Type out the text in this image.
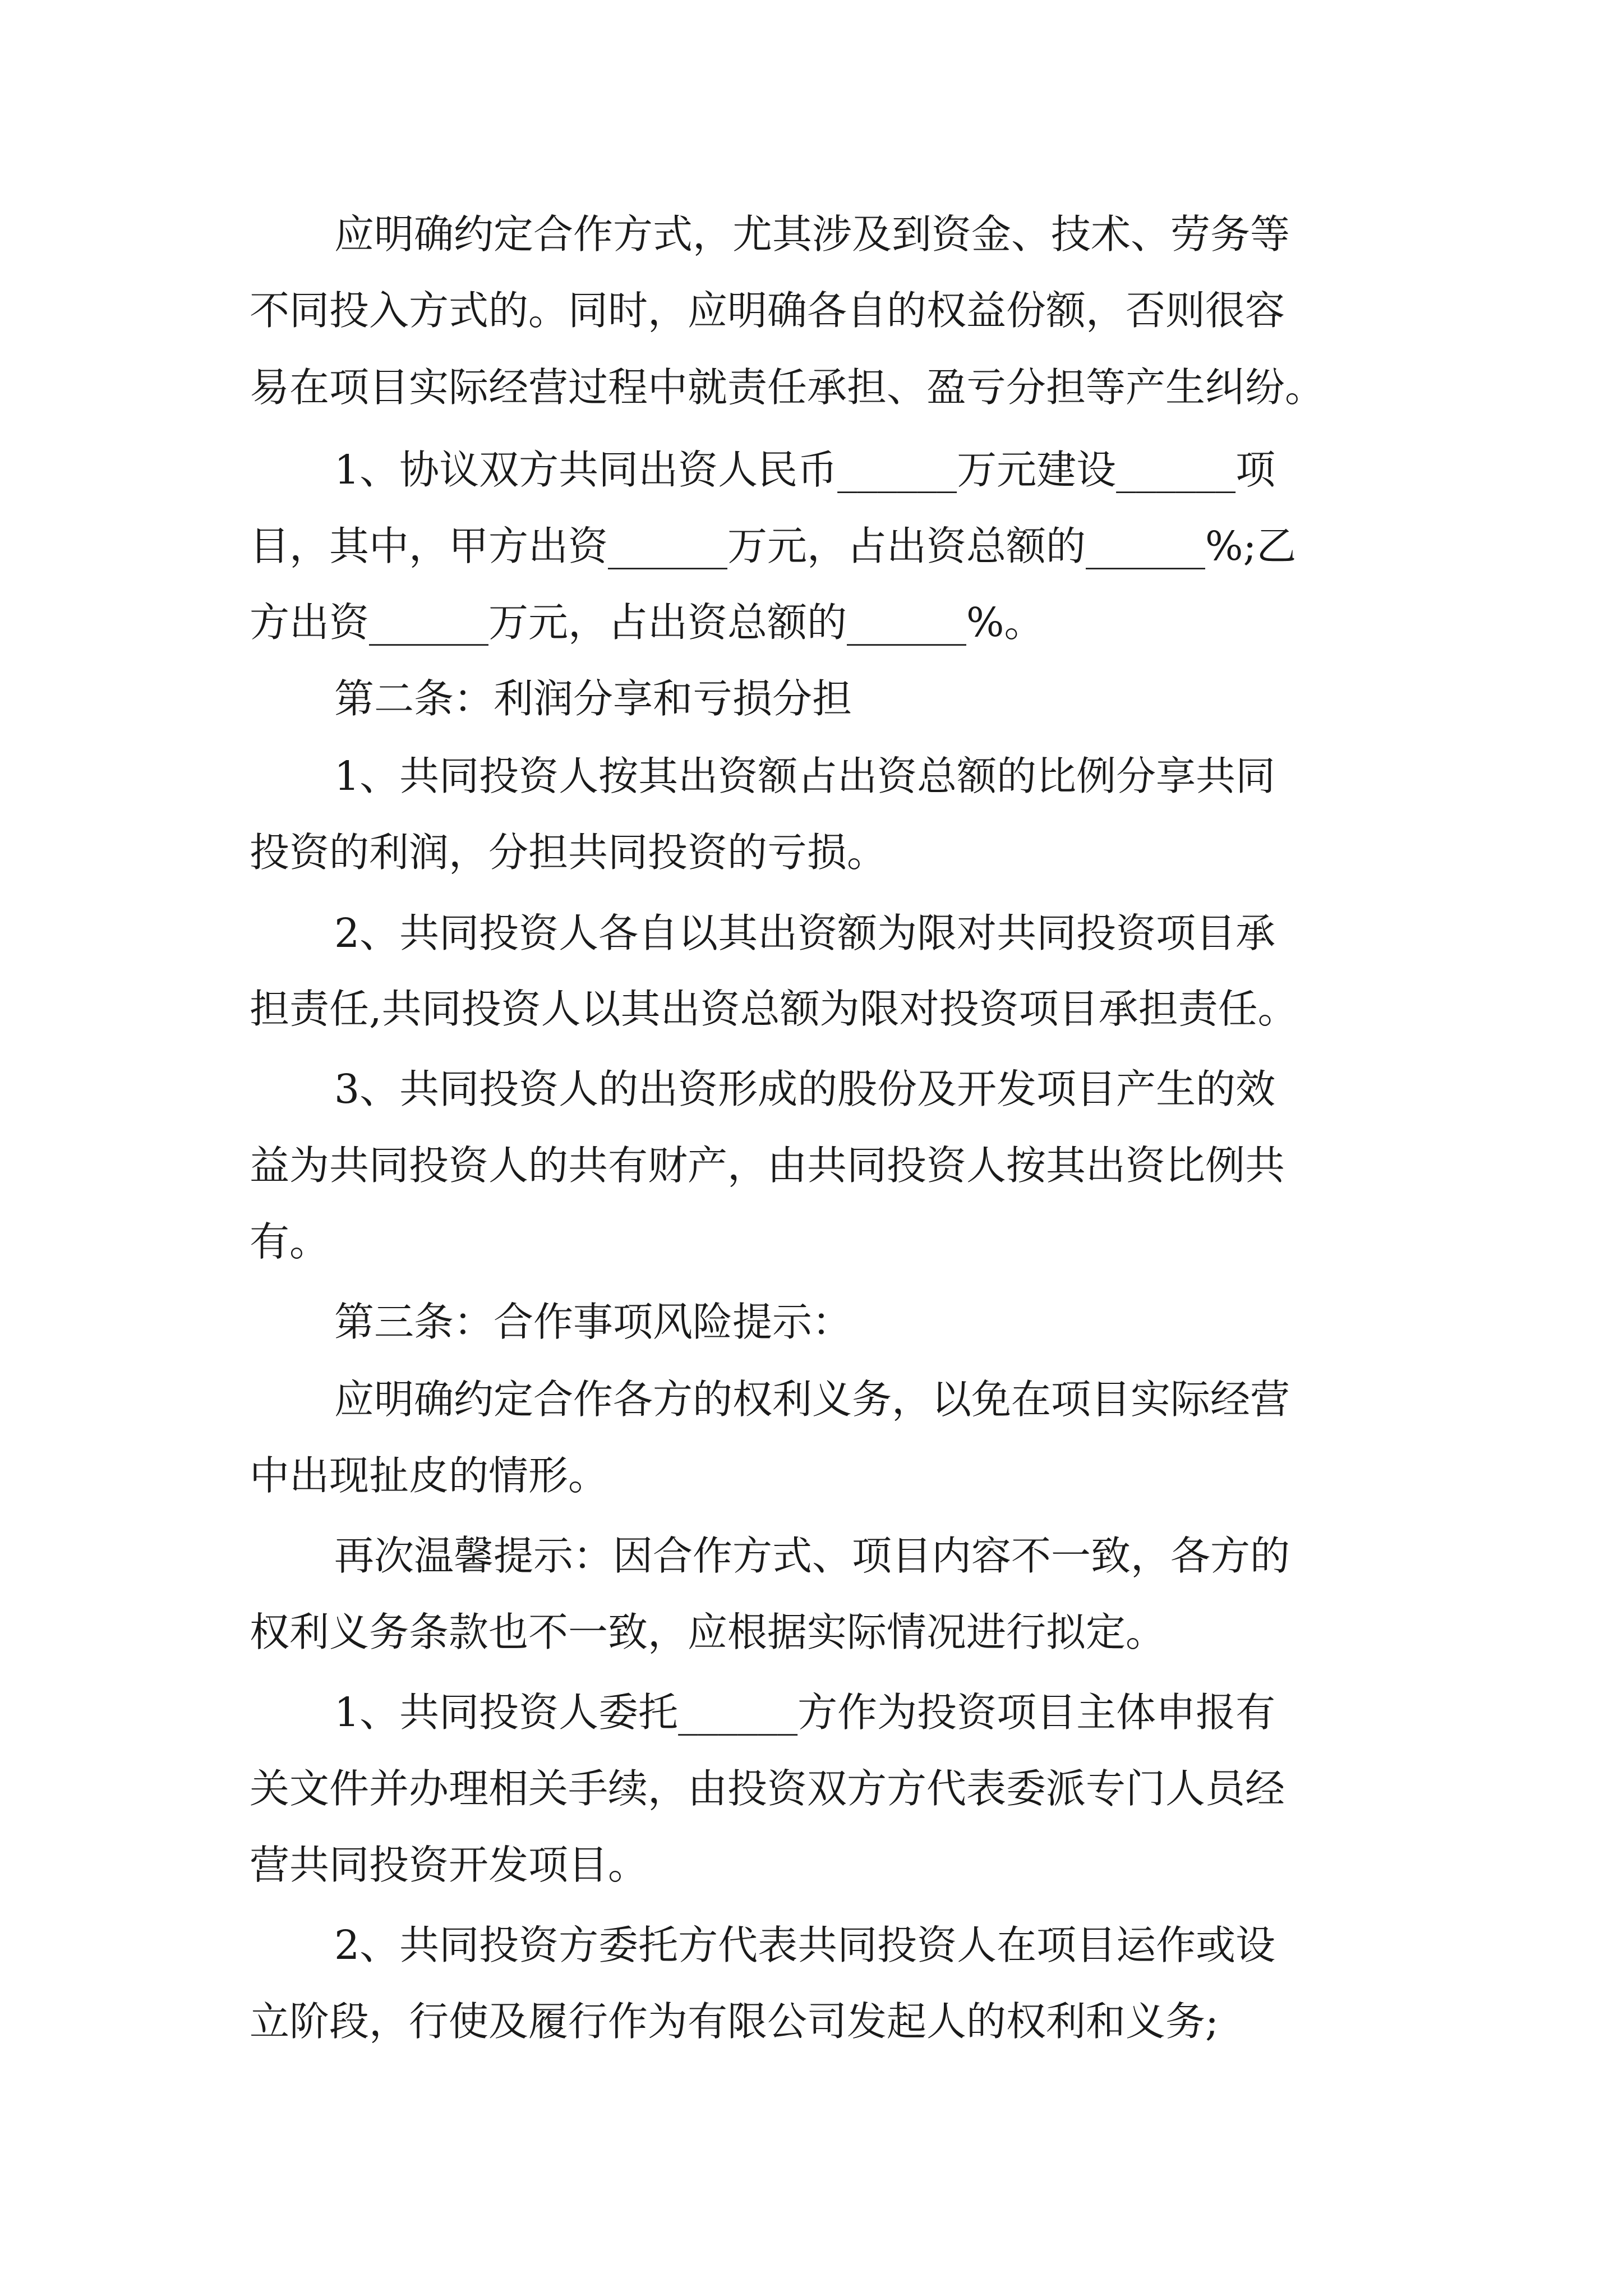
应明确约定合作方式，尤其涉及到资金、技术、劳务等

不同投入方式的。同时，应明确各自的权益份额，否则很容

易在项目实际经营过程中就责任承担、盈亏分担等产生纠纷。

1、协议双方共同出资人民币______万元建设______项

目，其中，甲方出资______万元，占出资总额的______%;乙

方出资______万元，占出资总额的______%。

第二条：利润分享和亏损分担

1、共同投资人按其出资额占出资总额的比例分享共同

投资的利润，分担共同投资的亏损。

2、共同投资人各自以其出资额为限对共同投资项目承

担责任,共同投资人以其出资总额为限对投资项目承担责任。

3、共同投资人的出资形成的股份及开发项目产生的效

益为共同投资人的共有财产，由共同投资人按其出资比例共

有。

第三条：合作事项风险提示：

应明确约定合作各方的权利义务，以免在项目实际经营

中出现扯皮的情形。

再次温馨提示：因合作方式、项目内容不一致，各方的

权利义务条款也不一致，应根据实际情况进行拟定。

1、共同投资人委托______方作为投资项目主体申报有

关文件并办理相关手续，由投资双方方代表委派专门人员经

营共同投资开发项目。

2、共同投资方委托方代表共同投资人在项目运作或设

立阶段，行使及履行作为有限公司发起人的权利和义务;
